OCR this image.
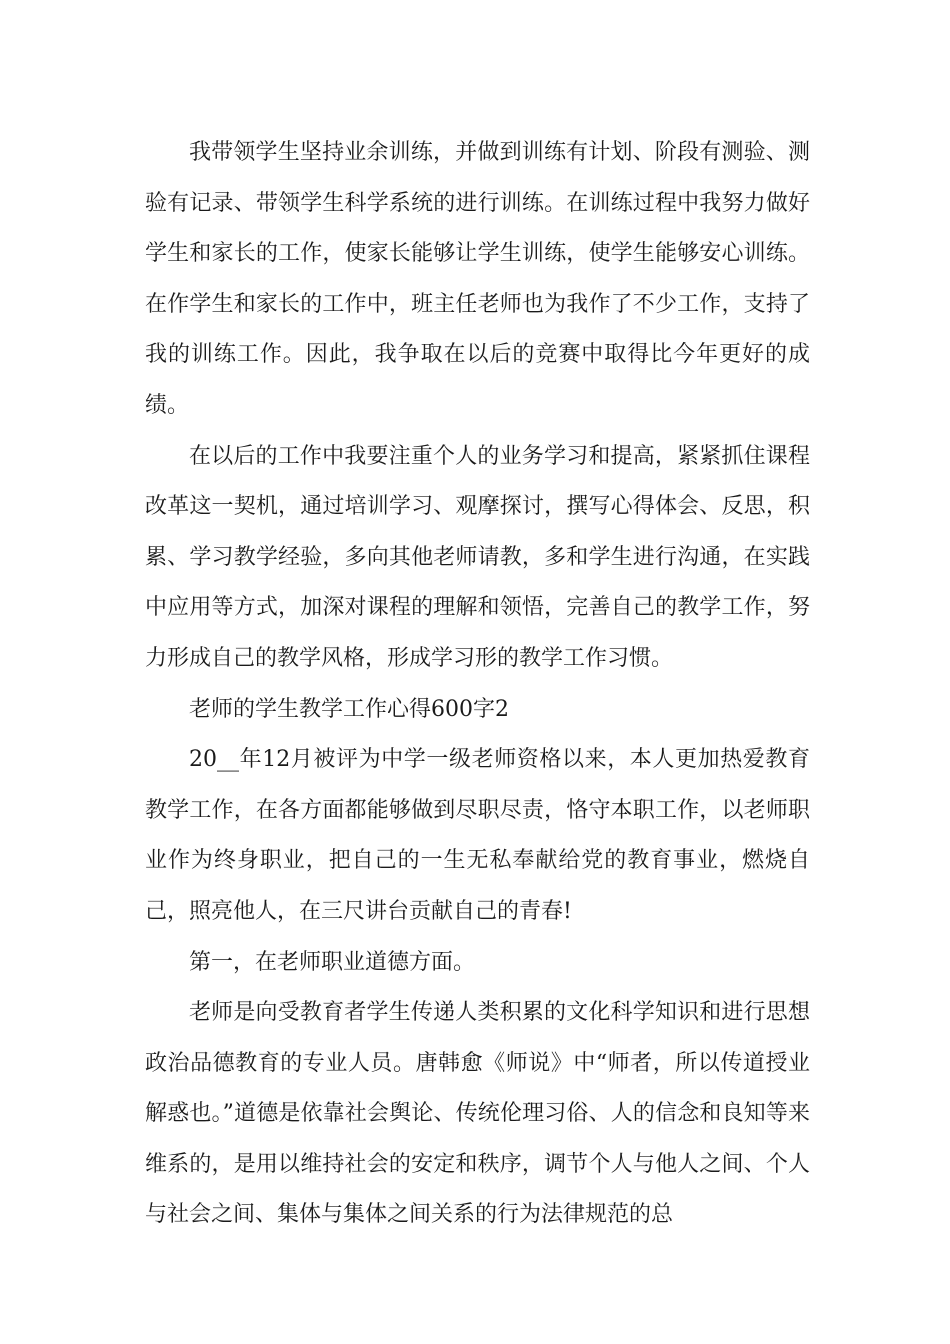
我带领学生坚持业余训练，并做到训练有计划、阶段有测验、测验有记录、带领学生科学系统的进行训练。在训练过程中我努力做好学生和家长的工作，使家长能够让学生训练，使学生能够安心训练。在作学生和家长的工作中，班主任老师也为我作了不少工作，支持了我的训练工作。因此，我争取在以后的竞赛中取得比今年更好的成绩。

在以后的工作中我要注重个人的业务学习和提高，紧紧抓住课程改革这一契机，通过培训学习、观摩探讨，撰写心得体会、反思，积累、学习教学经验，多向其他老师请教，多和学生进行沟通，在实践中应用等方式，加深对课程的理解和领悟，完善自己的教学工作，努力形成自己的教学风格，形成学习形的教学工作习惯。

老师的学生教学工作心得600字2

20__年12月被评为中学一级老师资格以来，本人更加热爱教育教学工作，在各方面都能够做到尽职尽责，恪守本职工作，以老师职业作为终身职业，把自己的一生无私奉献给党的教育事业，燃烧自己，照亮他人，在三尺讲台贡献自己的青春!

第一，在老师职业道德方面。

老师是向受教育者学生传递人类积累的文化科学知识和进行思想政治品德教育的专业人员。唐韩愈《师说》中“师者，所以传道授业解惑也。”道德是依靠社会舆论、传统伦理习俗、人的信念和良知等来维系的，是用以维持社会的安定和秩序，调节个人与他人之间、个人与社会之间、集体与集体之间关系的行为法律规范的总
